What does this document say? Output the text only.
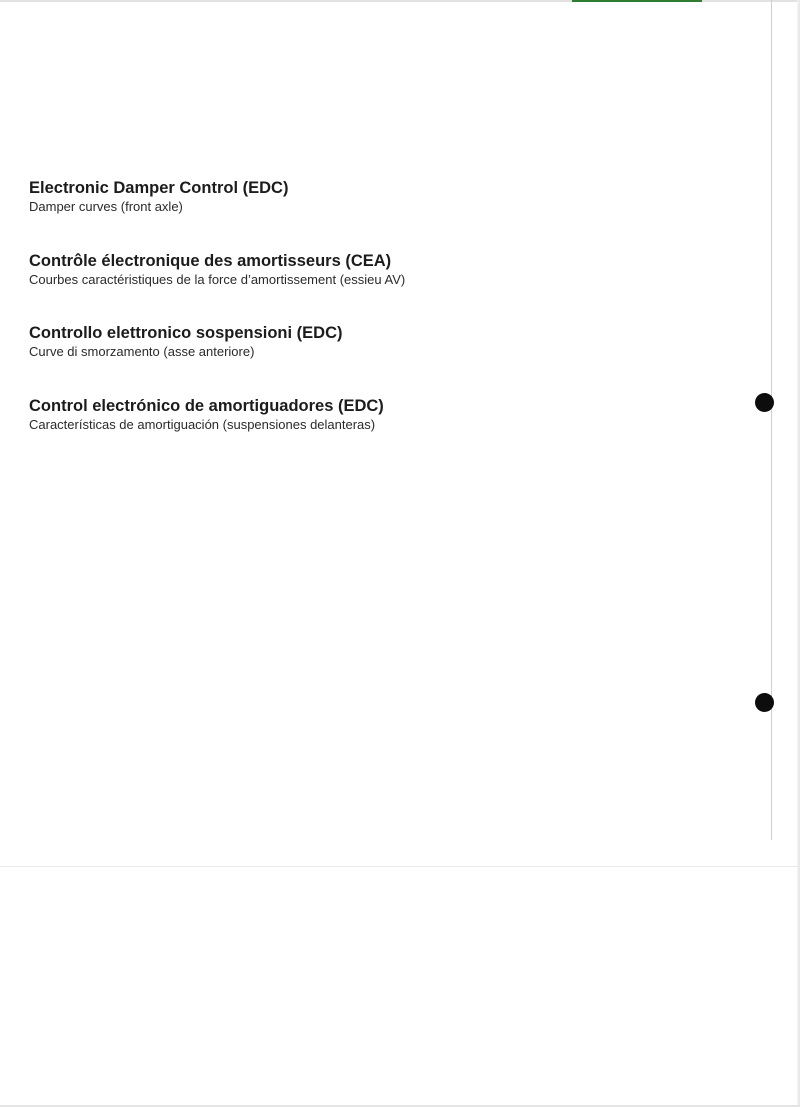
Electronic Damper Control (EDC)
Damper curves (front axle)
Contrôle électronique des amortisseurs (CEA)
Courbes caractéristiques de la force d’amortissement (essieu AV)
Controllo elettronico sospensioni (EDC)
Curve di smorzamento (asse anteriore)
Control electrónico de amortiguadores (EDC)
Características de amortiguación (suspensiones delanteras)
